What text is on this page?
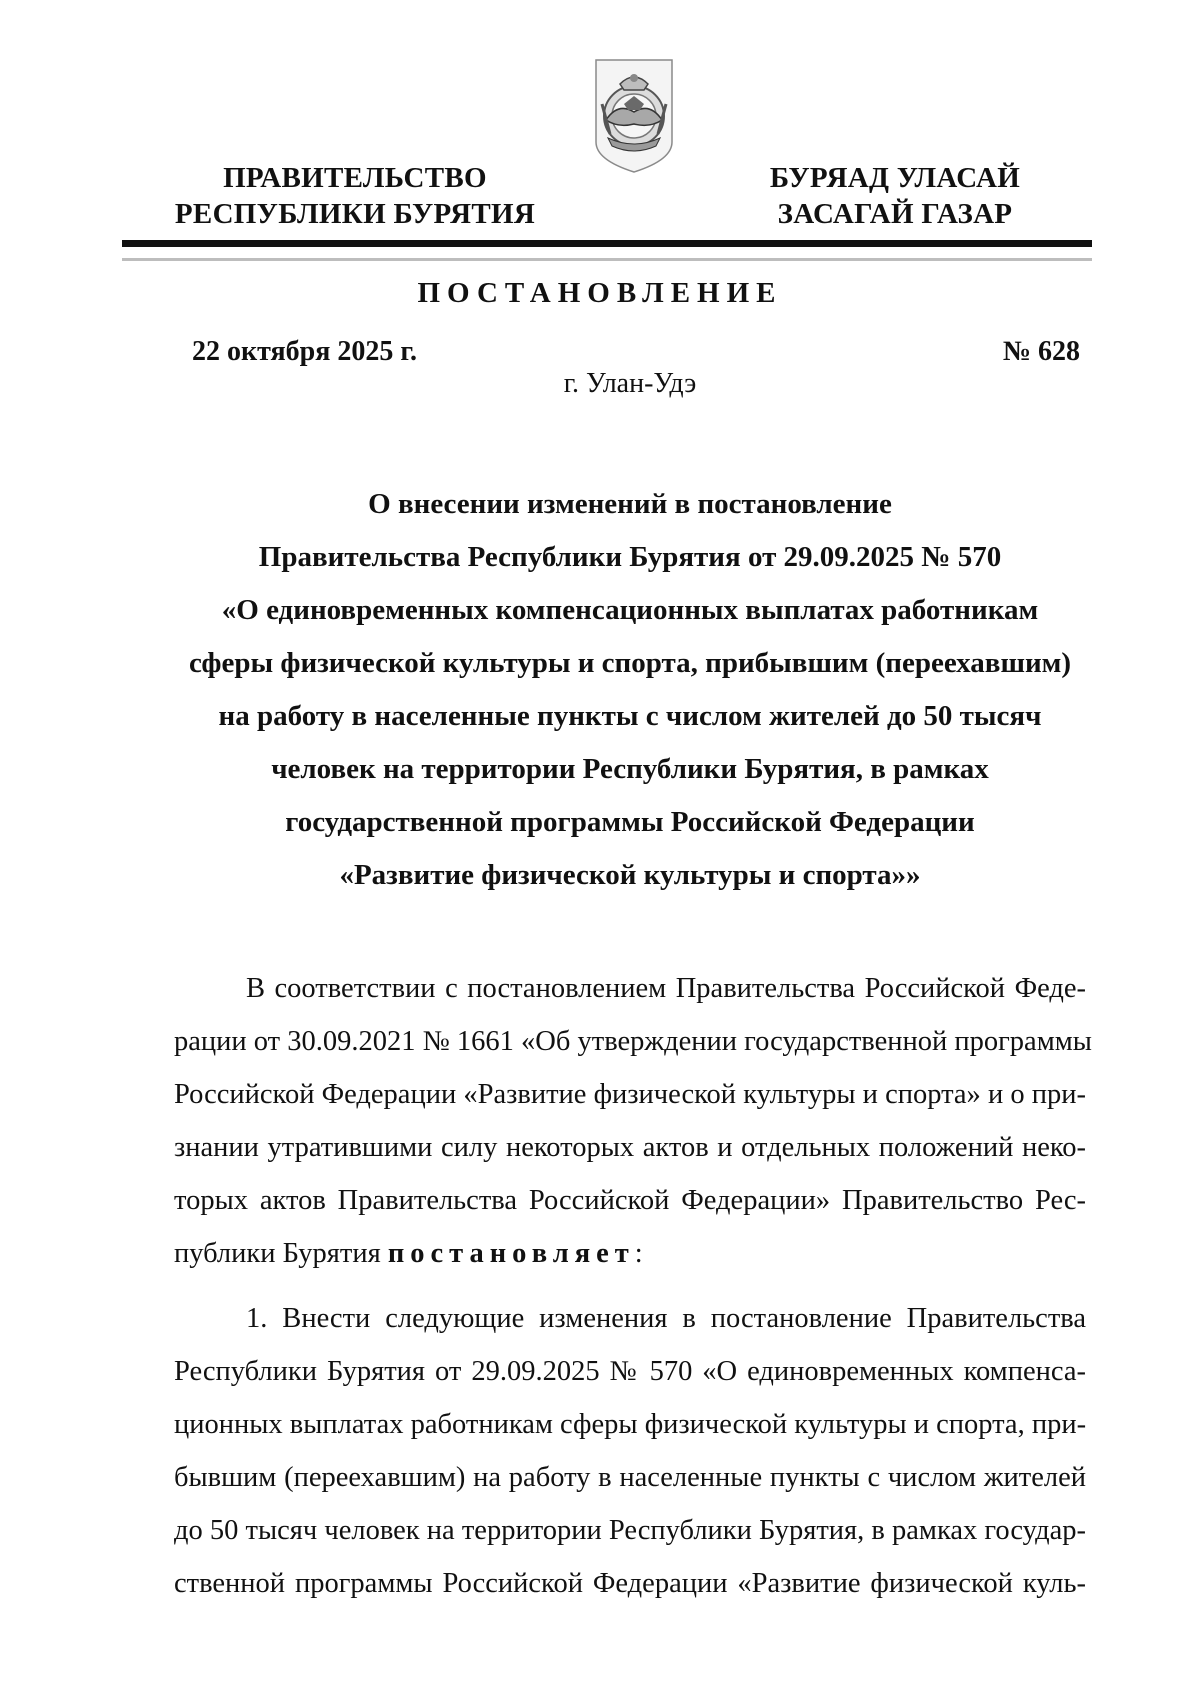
ПРАВИТЕЛЬСТВО
РЕСПУБЛИКИ БУРЯТИЯ
БУРЯАД УЛАСАЙ
ЗАСАГАЙ ГАЗАР
ПОСТАНОВЛЕНИЕ
22 октября 2025 г.	№ 628
г. Улан-Удэ
О внесении изменений в постановление
Правительства Республики Бурятия от 29.09.2025 № 570
«О единовременных компенсационных выплатах работникам
сферы физической культуры и спорта, прибывшим (переехавшим)
на работу в населенные пункты с числом жителей до 50 тысяч
человек на территории Республики Бурятия, в рамках
государственной программы Российской Федерации
«Развитие физической культуры и спорта»»
В соответствии с постановлением Правительства Российской Феде-
рации от 30.09.2021 № 1661 «Об утверждении государственной программы
Российской Федерации «Развитие физической культуры и спорта» и о при-
знании утратившими силу некоторых актов и отдельных положений неко-
торых актов Правительства Российской Федерации» Правительство Рес-
публики Бурятия постановляет:
1. Внести следующие изменения в постановление Правительства
Республики Бурятия от 29.09.2025 № 570 «О единовременных компенса-
ционных выплатах работникам сферы физической культуры и спорта, при-
бывшим (переехавшим) на работу в населенные пункты с числом жителей
до 50 тысяч человек на территории Республики Бурятия, в рамках государ-
ственной программы Российской Федерации «Развитие физической куль-
